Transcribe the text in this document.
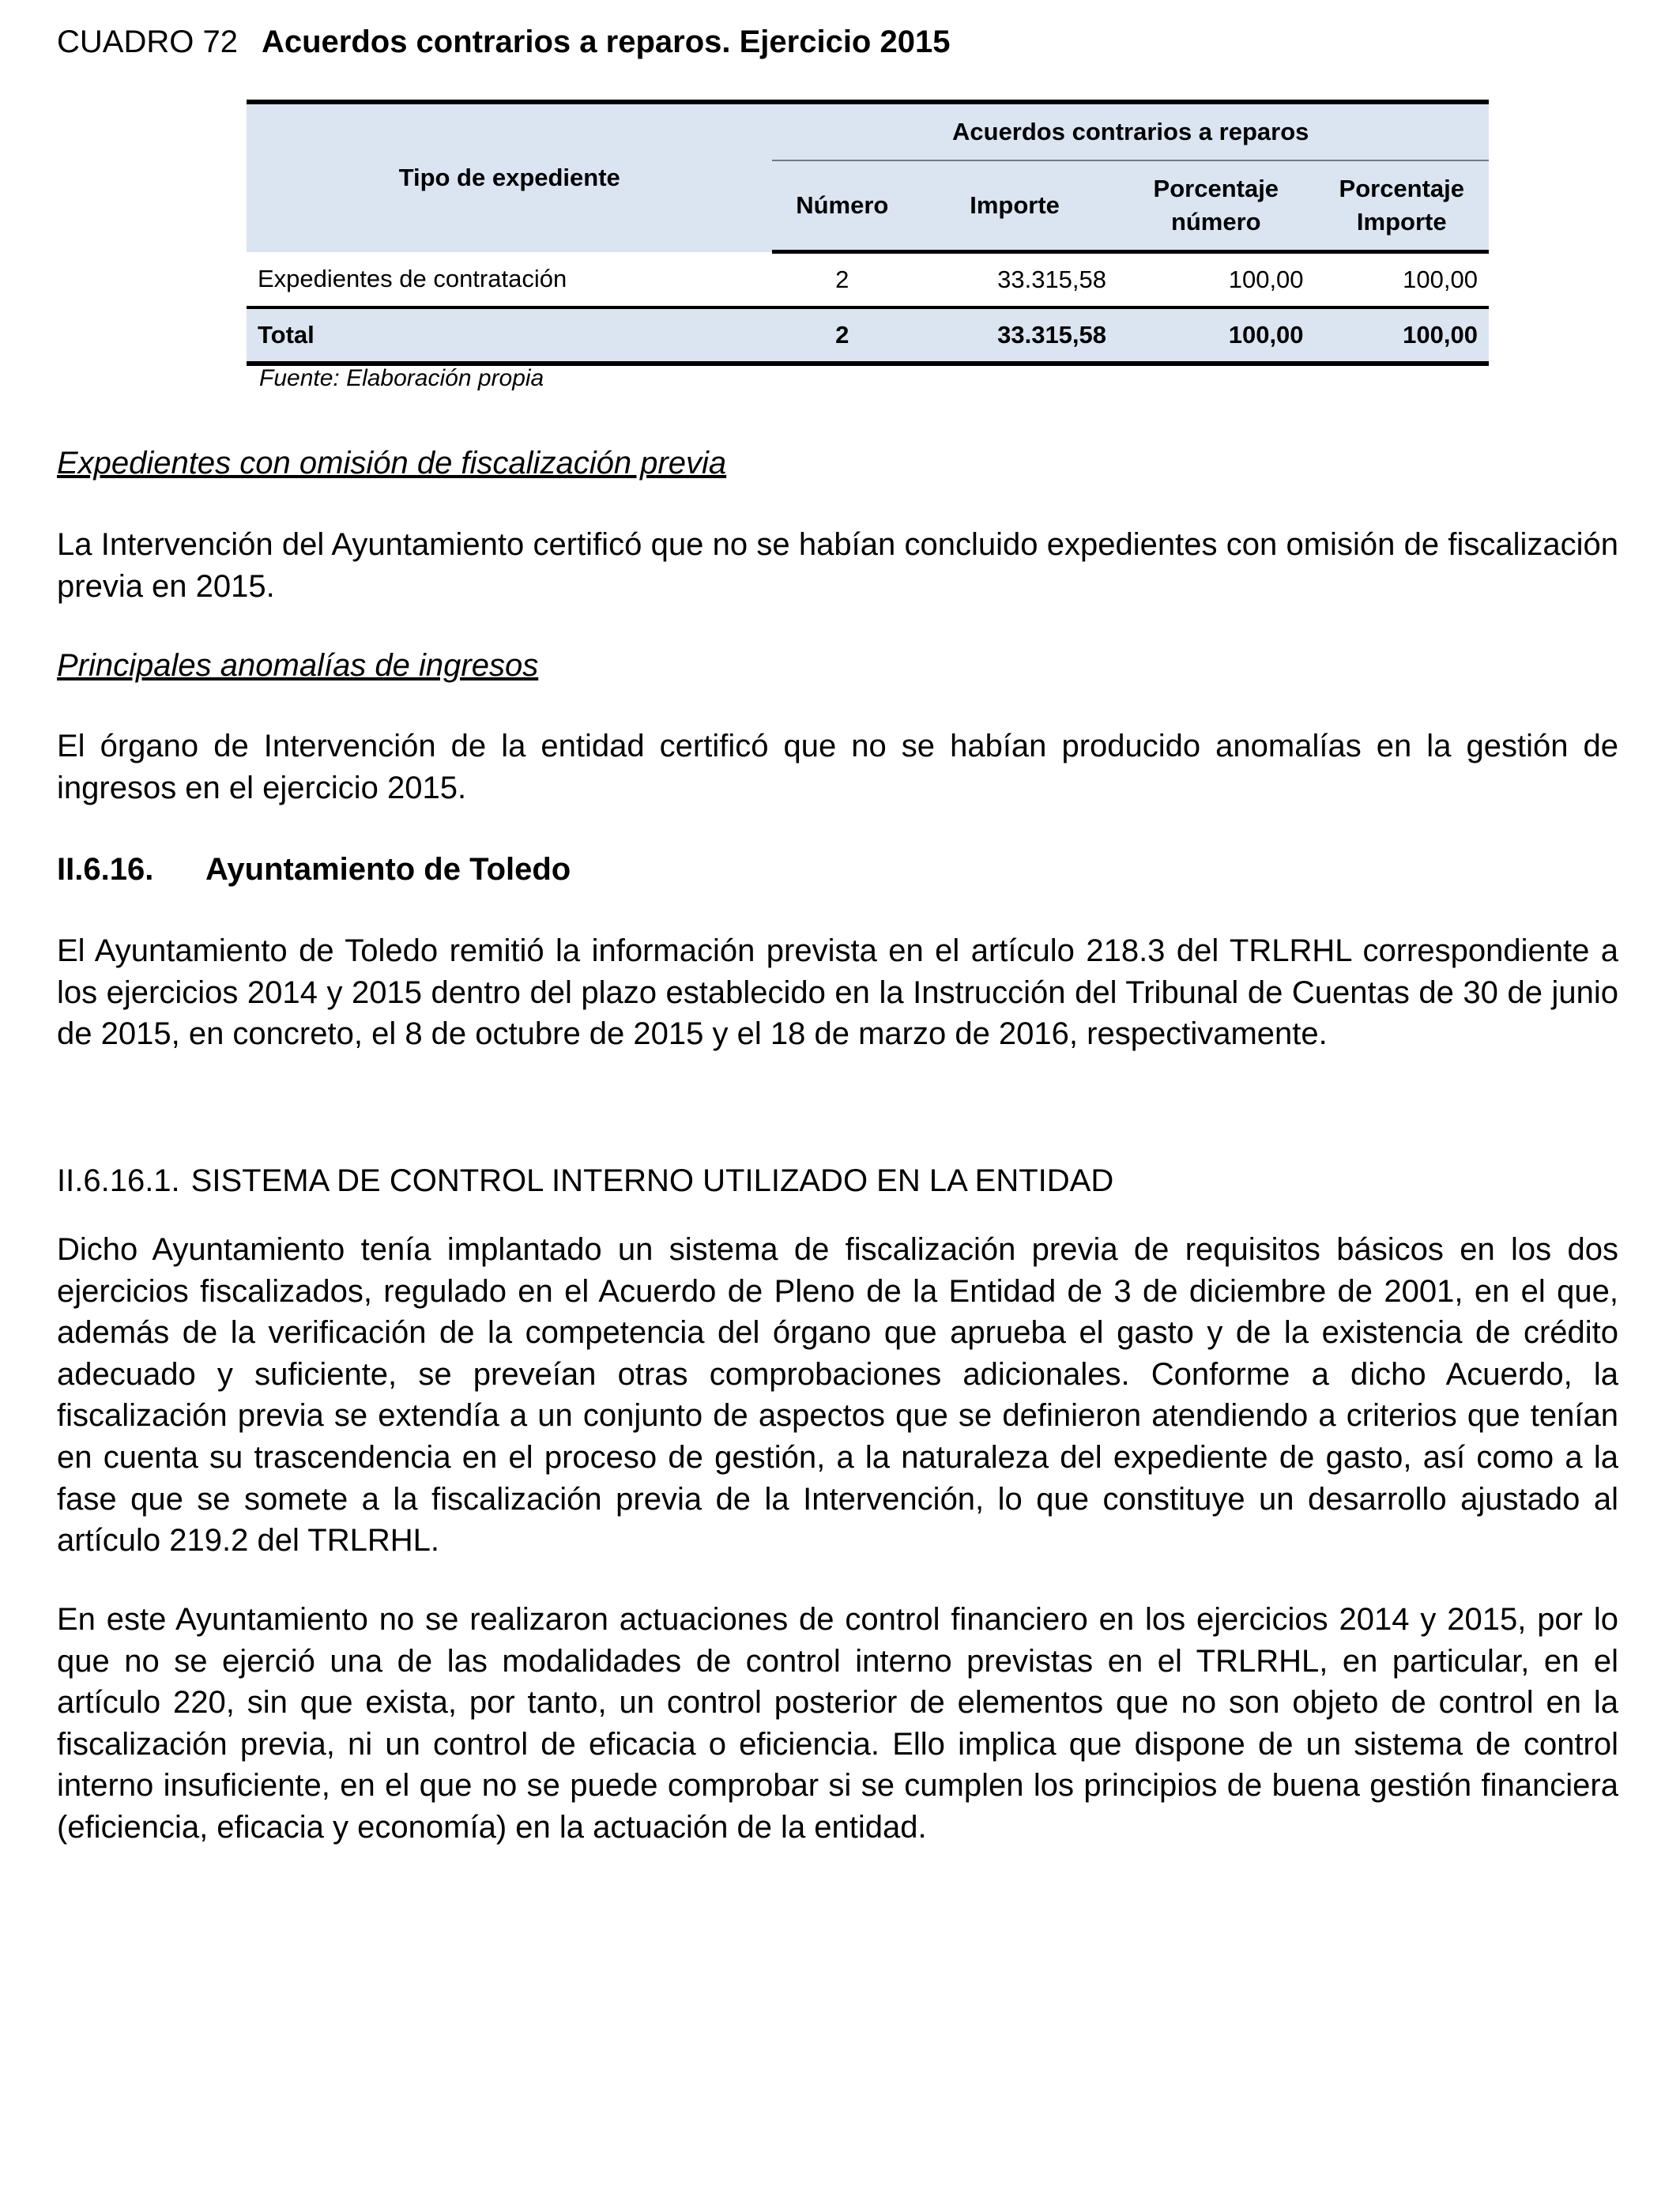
CUADRO 72 Acuerdos contrarios a reparos. Ejercicio 2015
Tipo de expediente	Acuerdos contrarios a reparos			
	Número	Importe	Porcentaje número	Porcentaje Importe
Expedientes de contratación	2	33.315,58	100,00	100,00
Total	2	33.315,58	100,00	100,00
Fuente: Elaboración propia
Expedientes con omisión de fiscalización previa
La Intervención del Ayuntamiento certificó que no se habían concluido expedientes con omisión de fiscalización previa en 2015.
Principales anomalías de ingresos
El órgano de Intervención de la entidad certificó que no se habían producido anomalías en la gestión de ingresos en el ejercicio 2015.
II.6.16. Ayuntamiento de Toledo
El Ayuntamiento de Toledo remitió la información prevista en el artículo 218.3 del TRLRHL correspondiente a los ejercicios 2014 y 2015 dentro del plazo establecido en la Instrucción del Tribunal de Cuentas de 30 de junio de 2015, en concreto, el 8 de octubre de 2015 y el 18 de marzo de 2016, respectivamente.
II.6.16.1. SISTEMA DE CONTROL INTERNO UTILIZADO EN LA ENTIDAD
Dicho Ayuntamiento tenía implantado un sistema de fiscalización previa de requisitos básicos en los dos ejercicios fiscalizados, regulado en el Acuerdo de Pleno de la Entidad de 3 de diciembre de 2001, en el que, además de la verificación de la competencia del órgano que aprueba el gasto y de la existencia de crédito adecuado y suficiente, se preveían otras comprobaciones adicionales. Conforme a dicho Acuerdo, la fiscalización previa se extendía a un conjunto de aspectos que se definieron atendiendo a criterios que tenían en cuenta su trascendencia en el proceso de gestión, a la naturaleza del expediente de gasto, así como a la fase que se somete a la fiscalización previa de la Intervención, lo que constituye un desarrollo ajustado al artículo 219.2 del TRLRHL.
En este Ayuntamiento no se realizaron actuaciones de control financiero en los ejercicios 2014 y 2015, por lo que no se ejerció una de las modalidades de control interno previstas en el TRLRHL, en particular, en el artículo 220, sin que exista, por tanto, un control posterior de elementos que no son objeto de control en la fiscalización previa, ni un control de eficacia o eficiencia. Ello implica que dispone de un sistema de control interno insuficiente, en el que no se puede comprobar si se cumplen los principios de buena gestión financiera (eficiencia, eficacia y economía) en la actuación de la entidad.
